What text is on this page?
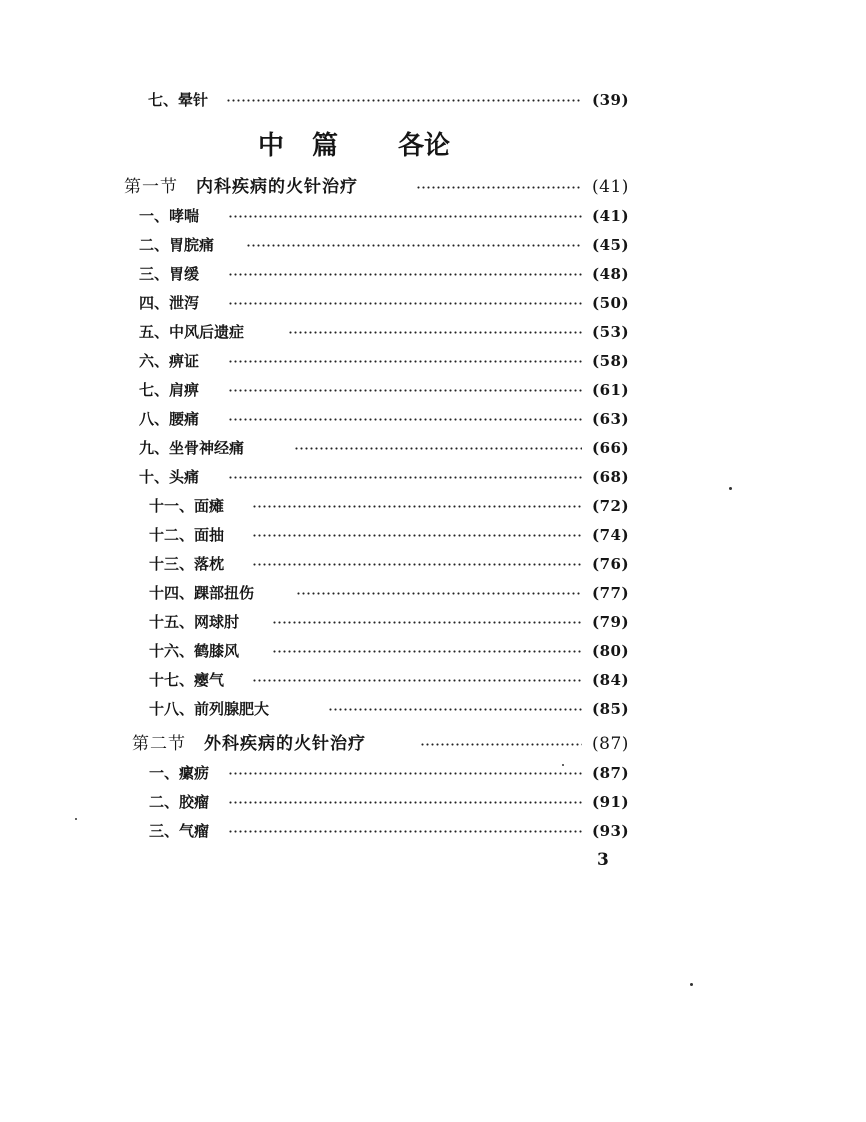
七、晕针	(39)
中 篇 各论
第一节 内科疾病的火针治疗	(41)
一、哮喘	(41)
二、胃脘痛	(45)
三、胃缓	(48)
四、泄泻	(50)
五、中风后遗症	(53)
六、痹证	(58)
七、肩痹	(61)
八、腰痛	(63)
九、坐骨神经痛	(66)
十、头痛	(68)
十一、面瘫	(72)
十二、面抽	(74)
十三、落枕	(76)
十四、踝部扭伤	(77)
十五、网球肘	(79)
十六、鹤膝风	(80)
十七、瘿气	(84)
十八、前列腺肥大	(85)
第二节 外科疾病的火针治疗	(87)
一、瘰疬	(87)
二、胶瘤	(91)
三、气瘤	(93)
3
